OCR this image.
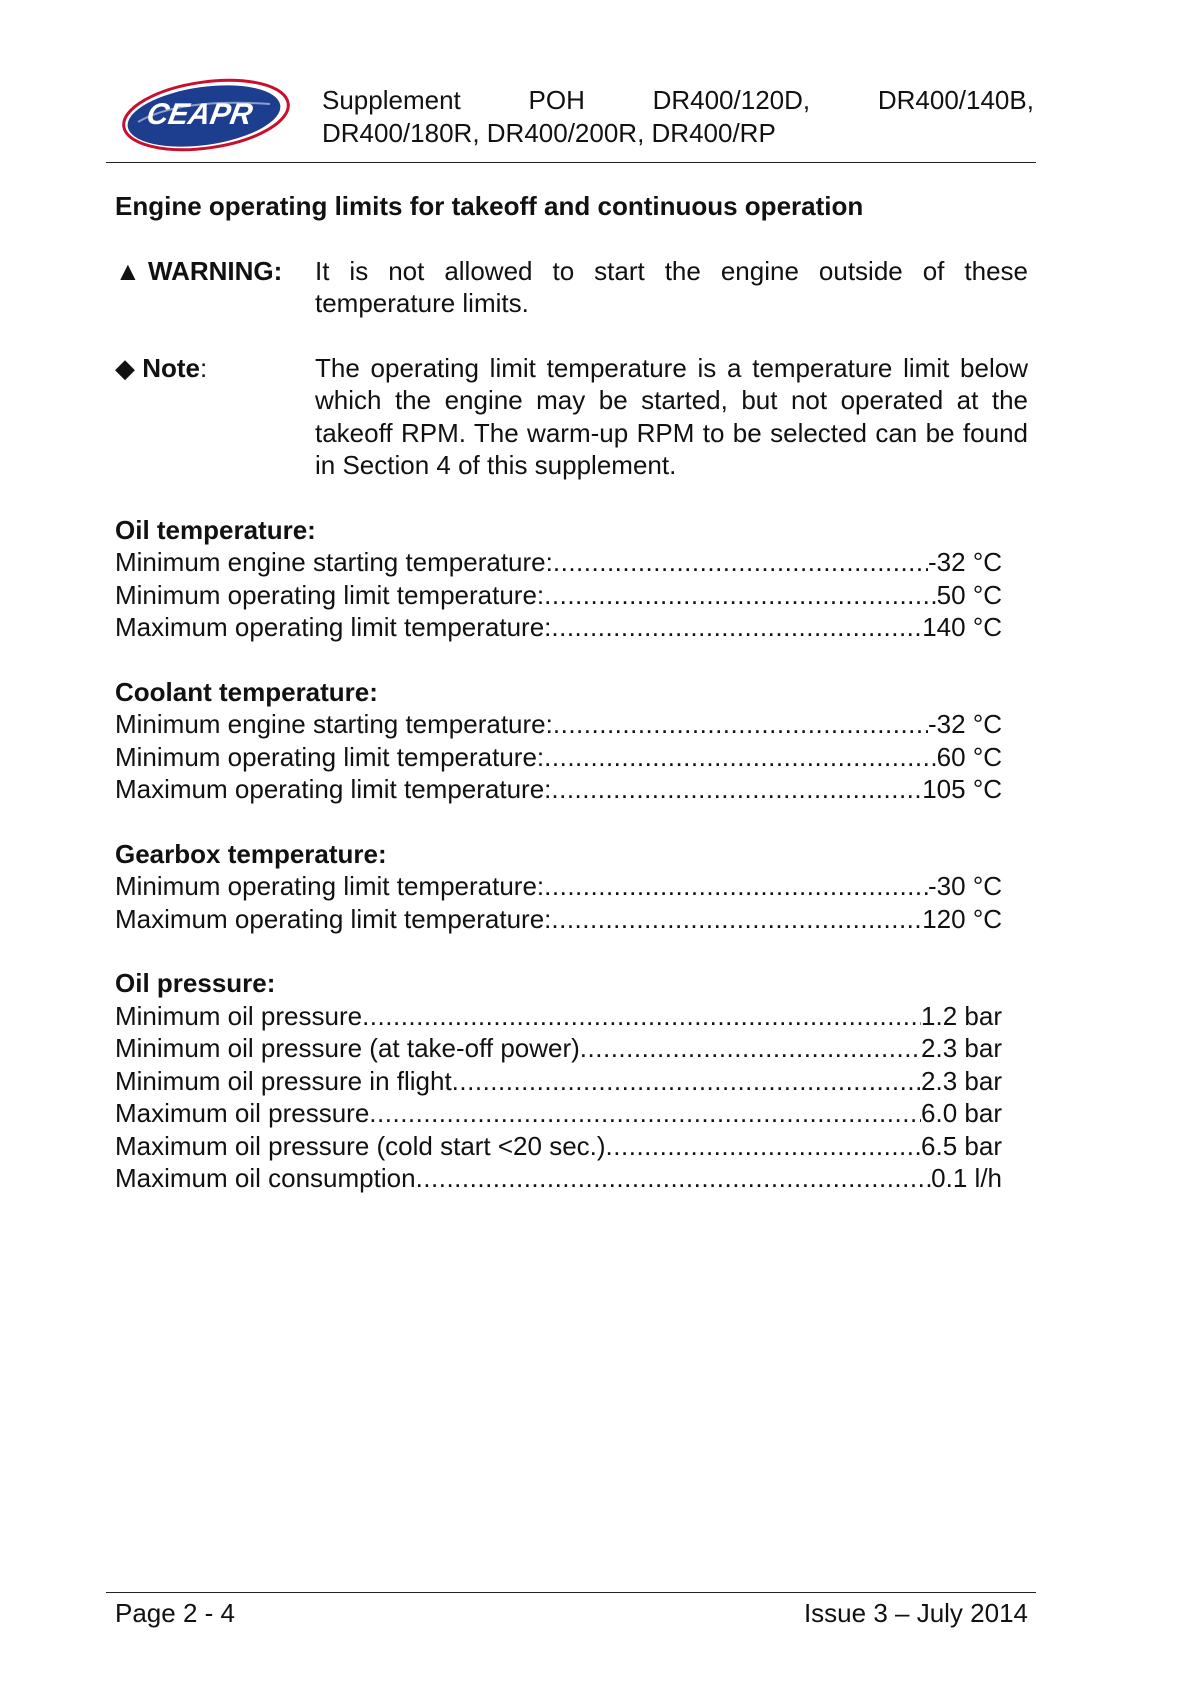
CEAPR	Supplement	POH	DR400/120D,	DR400/140B,
DR400/180R, DR400/200R, DR400/RP

Engine operating limits for takeoff and continuous operation

▲ WARNING:	It is not allowed to start the engine outside of these temperature limits.
◆ Note:	The operating limit temperature is a temperature limit below which the engine may be started, but not operated at the takeoff RPM. The warm-up RPM to be selected can be found in Section 4 of this supplement.
Oil temperature:
Minimum engine starting temperature: .....	-32 °C
Minimum operating limit temperature: .....	50 °C
Maximum operating limit temperature: .....	140 °C
Coolant temperature:
Minimum engine starting temperature: .....	-32 °C
Minimum operating limit temperature: .....	60 °C
Maximum operating limit temperature: .....	105 °C
Gearbox temperature:
Minimum operating limit temperature: .....	-30 °C
Maximum operating limit temperature: .....	120 °C
Oil pressure:
Minimum oil pressure .....	1.2 bar
Minimum oil pressure (at take-off power) .....	2.3 bar
Minimum oil pressure in flight .....	2.3 bar
Maximum oil pressure .....	6.0 bar
Maximum oil pressure (cold start <20 sec.) .....	6.5 bar
Maximum oil consumption .....	0.1 l/h
Page 2 - 4	Issue 3 – July 2014
